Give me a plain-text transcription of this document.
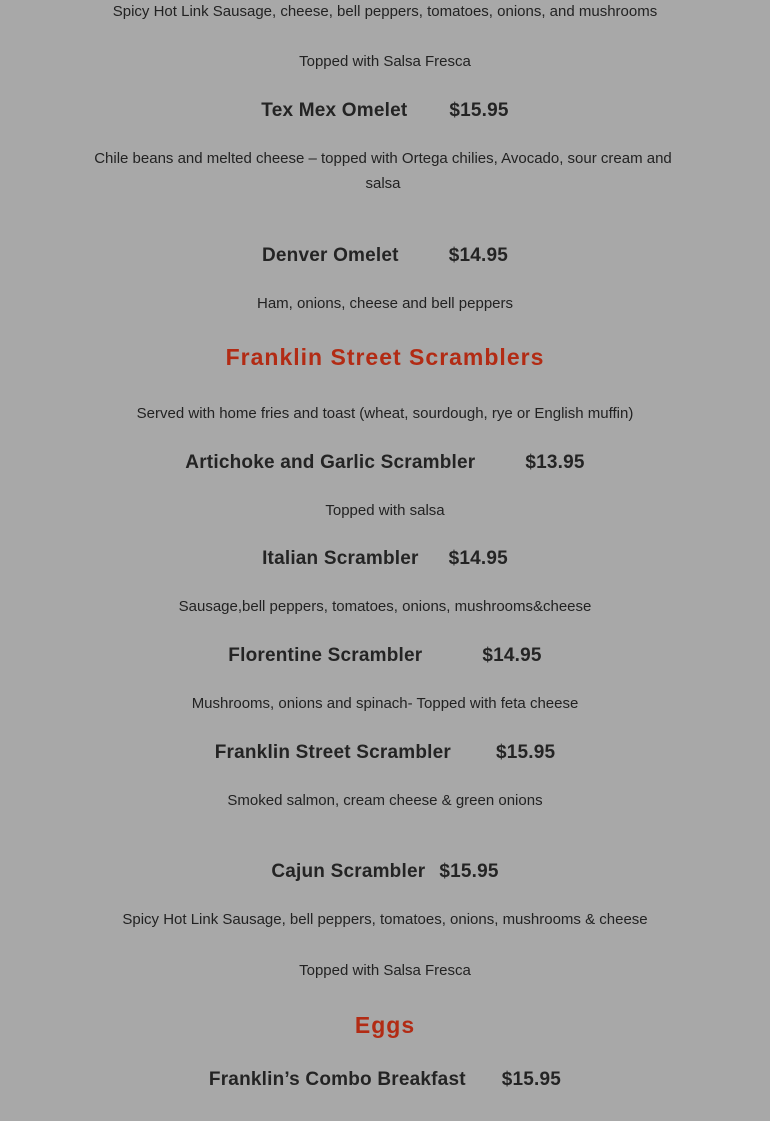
Spicy Hot Link Sausage, cheese, bell peppers, tomatoes, onions, and mushrooms
Topped with Salsa Fresca
Tex Mex Omelet $15.95
Chile beans and melted cheese – topped with Ortega chilies, Avocado, sour cream and salsa
Denver Omelet	$14.95
Ham, onions, cheese and bell peppers
Franklin Street Scramblers
Served with home fries and toast (wheat, sourdough, rye or English muffin)
Artichoke and Garlic Scrambler	$13.95
Topped with salsa
Italian Scrambler $14.95
Sausage,bell peppers, tomatoes, onions, mushrooms&cheese
Florentine Scrambler	$14.95
Mushrooms, onions and spinach- Topped with feta cheese
Franklin Street Scrambler $15.95
Smoked salmon, cream cheese & green onions
Cajun Scrambler $15.95
Spicy Hot Link Sausage, bell peppers, tomatoes, onions, mushrooms & cheese
Topped with Salsa Fresca
Eggs
Franklin’s Combo Breakfast $15.95
